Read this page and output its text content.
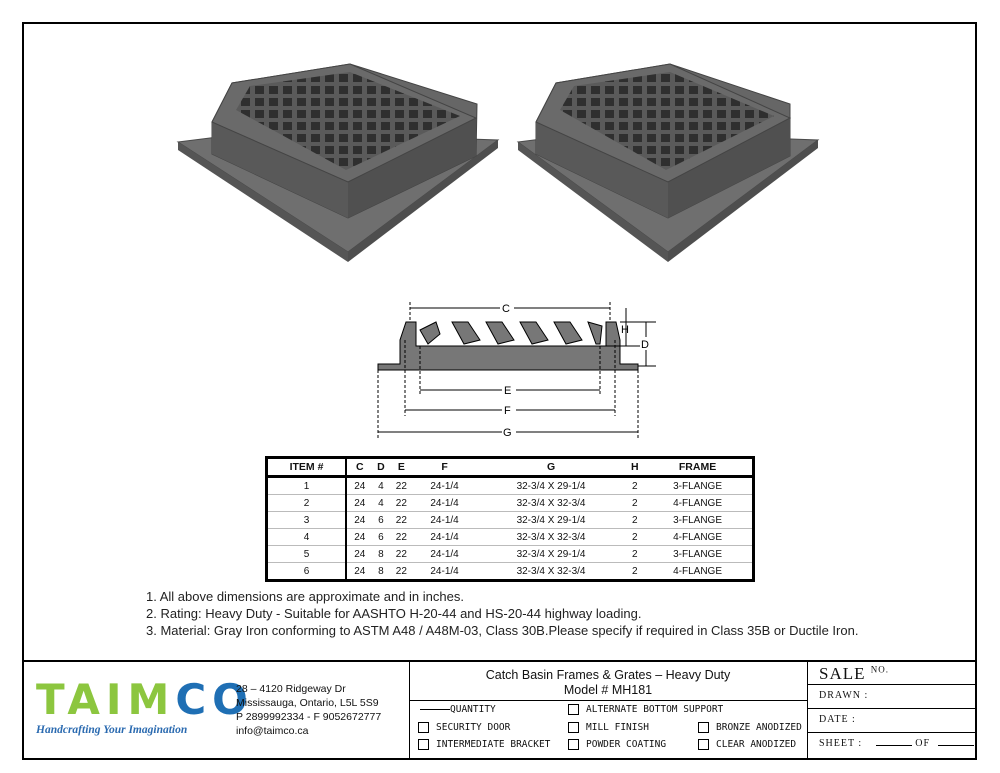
C
E
F
G
H
D
ITEM #	C	D	E	F	G	H	FRAME
1	24	4	22	24-1/4	32-3/4 X 29-1/4	2	3-FLANGE
2	24	4	22	24-1/4	32-3/4 X 32-3/4	2	4-FLANGE
3	24	6	22	24-1/4	32-3/4 X 29-1/4	2	3-FLANGE
4	24	6	22	24-1/4	32-3/4 X 32-3/4	2	4-FLANGE
5	24	8	22	24-1/4	32-3/4 X 29-1/4	2	3-FLANGE
6	24	8	22	24-1/4	32-3/4 X 32-3/4	2	4-FLANGE
1. All above dimensions are approximate and in inches.
2. Rating: Heavy Duty - Suitable for AASHTO H-20-44 and HS-20-44 highway loading.
3. Material: Gray Iron conforming to ASTM A48 / A48M-03, Class 30B.Please specify if required in Class 35B or Ductile Iron.
TAIMCO
Handcrafting Your Imagination
28 – 4120 Ridgeway Dr
Mississauga, Ontario, L5L 5S9
P 2899992334 - F 9052672777
info@taimco.ca
Catch Basin Frames & Grates – Heavy Duty
Model # MH181
QUANTITY	ALTERNATE BOTTOM SUPPORT
SECURITY DOOR	MILL FINISH	BRONZE ANODIZED
INTERMEDIATE BRACKET	POWDER COATING	CLEAR ANODIZED
SALE $^{NO.}$
DRAWN :
DATE :
SHEET :	OF
